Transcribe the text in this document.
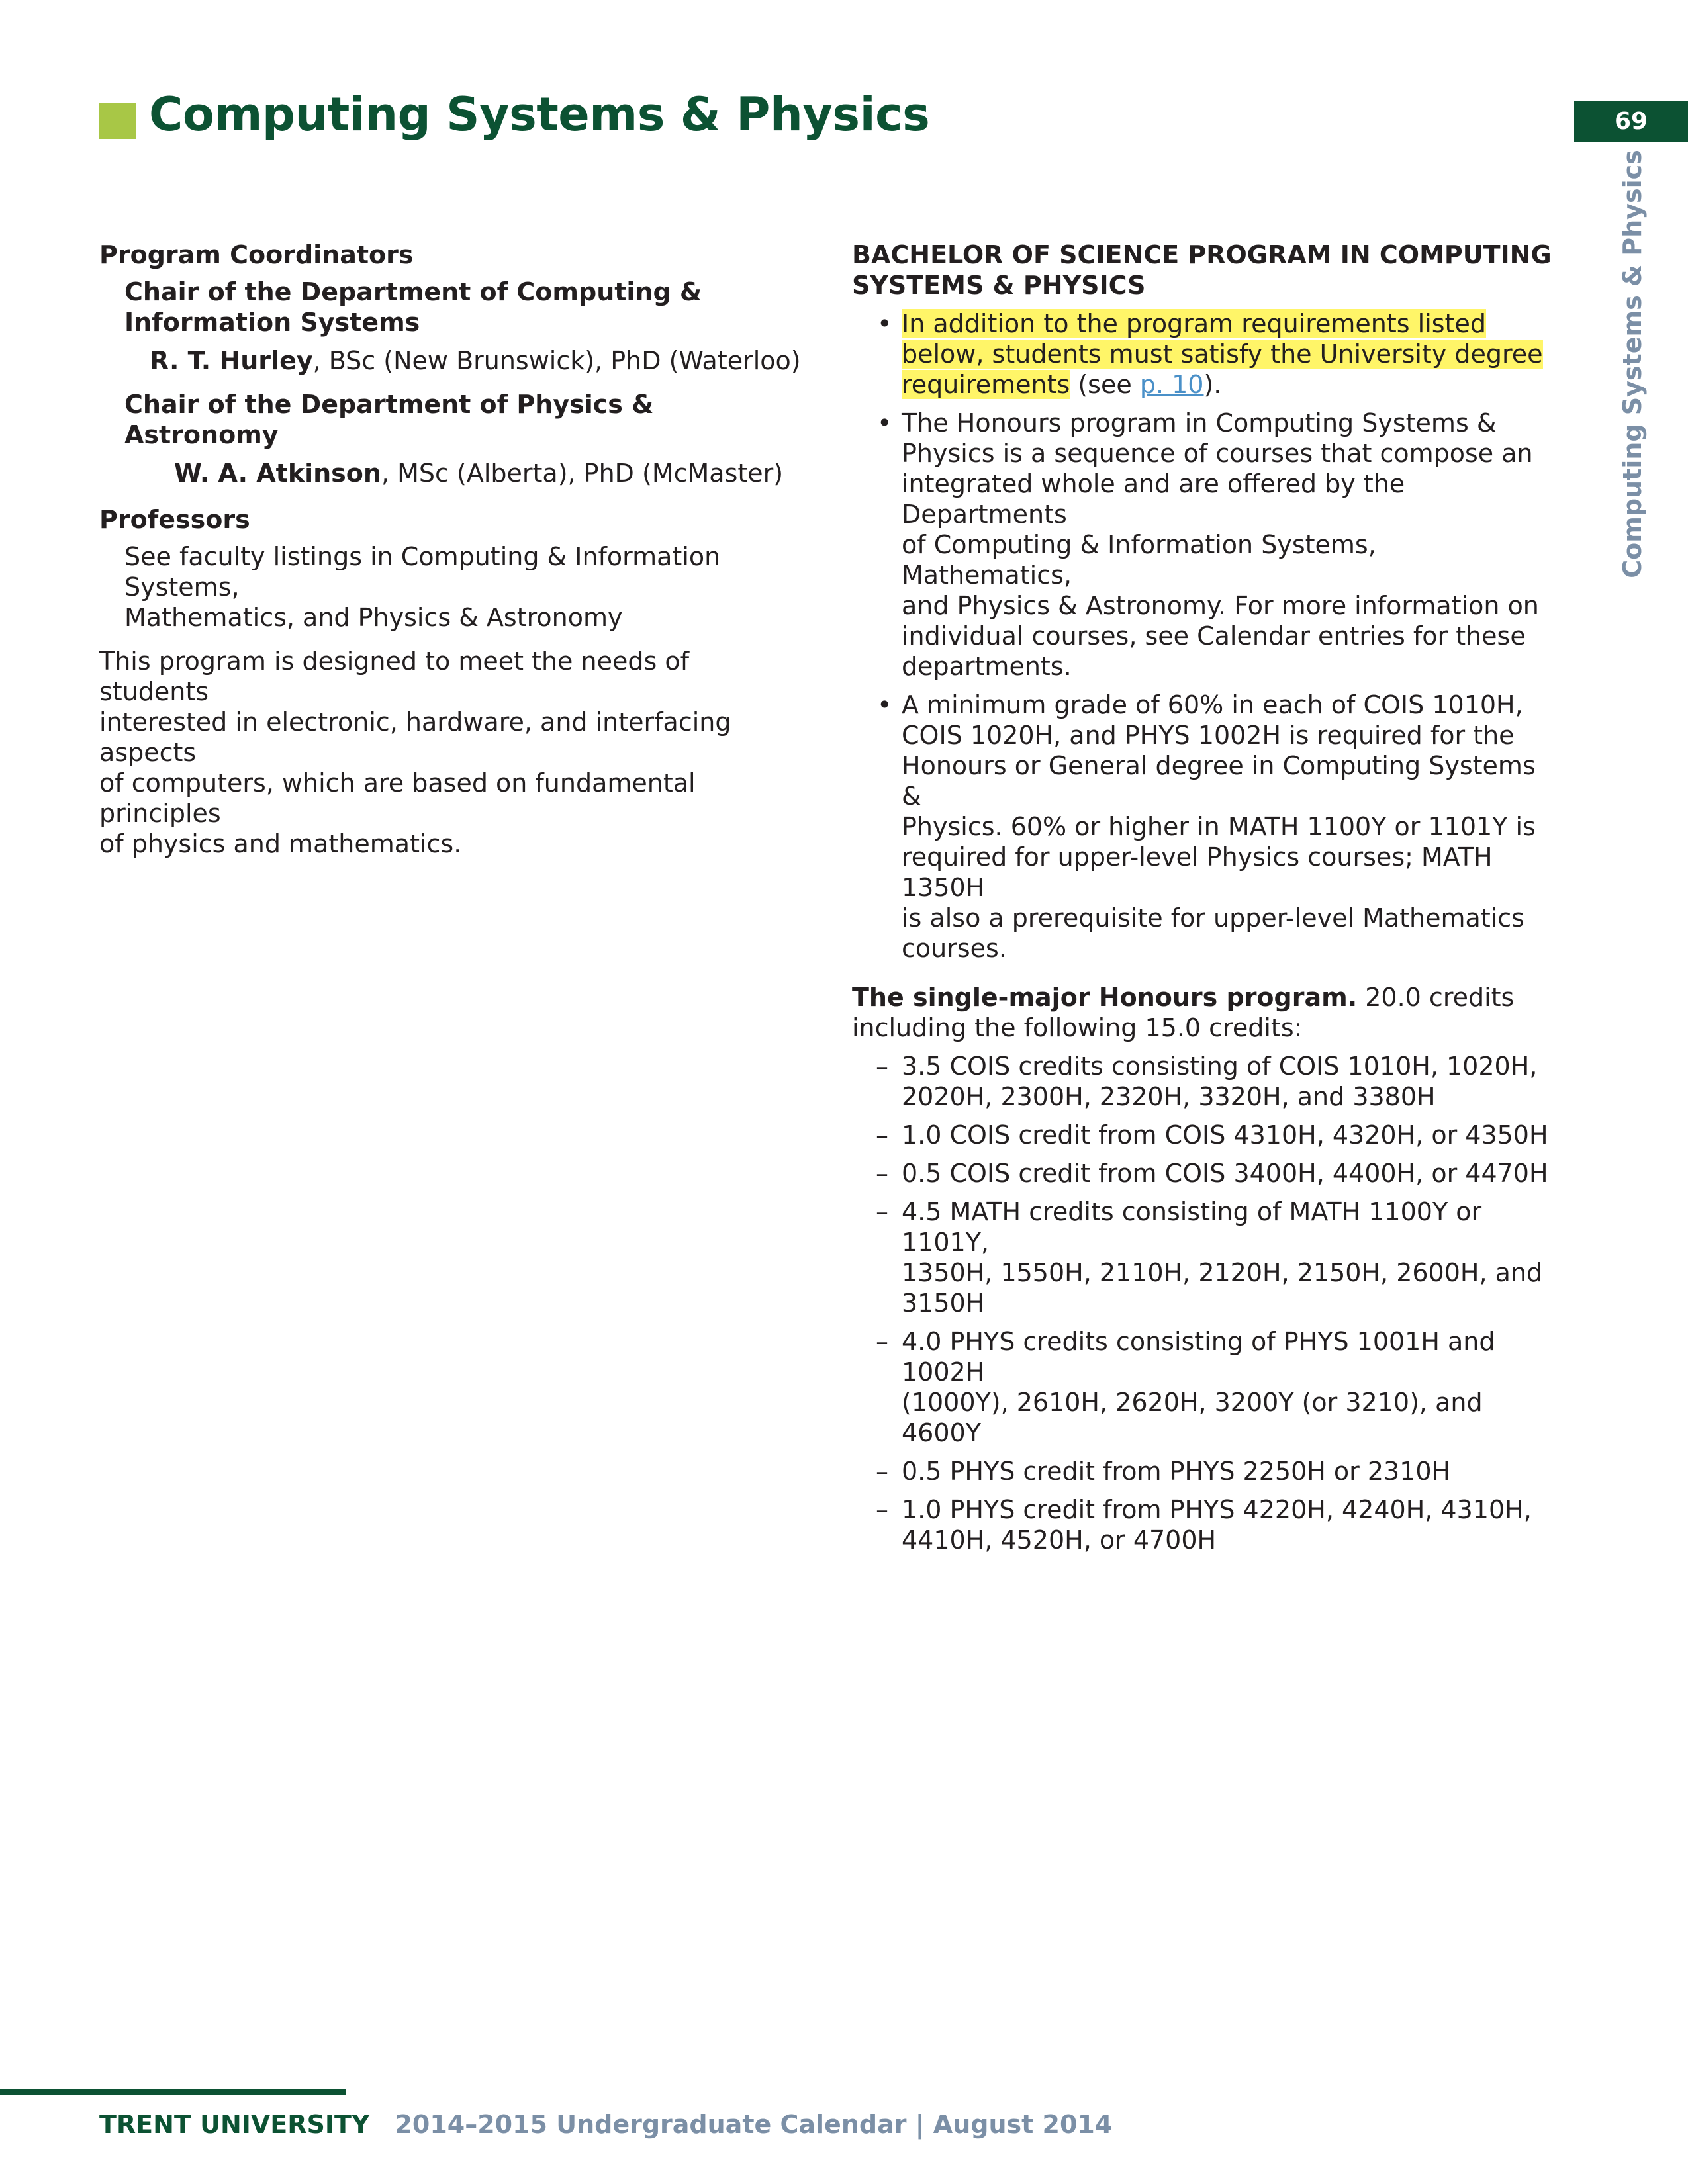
Computing Systems & Physics	69
Computing Systems & Physics

Program Coordinators

Chair of the Department of Computing &
Information Systems

R. T. Hurley, BSc (New Brunswick), PhD (Waterloo)

Chair of the Department of Physics & Astronomy

W. A. Atkinson, MSc (Alberta), PhD (McMaster)

Professors

See faculty listings in Computing & Information Systems,
Mathematics, and Physics & Astronomy
This program is designed to meet the needs of students
interested in electronic, hardware, and interfacing aspects
of computers, which are based on fundamental principles
of physics and mathematics.
BACHELOR OF SCIENCE PROGRAM IN COMPUTING
SYSTEMS & PHYSICS
• In addition to the program requirements listed
below, students must satisfy the University degree
requirements (see p. 10).
• The Honours program in Computing Systems &
Physics is a sequence of courses that compose an
integrated whole and are offered by the Departments
of Computing & Information Systems, Mathematics,
and Physics & Astronomy. For more information on
individual courses, see Calendar entries for these
departments.
• A minimum grade of 60% in each of COIS 1010H,
COIS 1020H, and PHYS 1002H is required for the
Honours or General degree in Computing Systems &
Physics. 60% or higher in MATH 1100Y or 1101Y is
required for upper-level Physics courses; MATH 1350H
is also a prerequisite for upper-level Mathematics
courses.
The single-major Honours program. 20.0 credits
including the following 15.0 credits:
– 3.5 COIS credits consisting of COIS 1010H, 1020H,
2020H, 2300H, 2320H, 3320H, and 3380H
– 1.0 COIS credit from COIS 4310H, 4320H, or 4350H
– 0.5 COIS credit from COIS 3400H, 4400H, or 4470H
– 4.5 MATH credits consisting of MATH 1100Y or 1101Y,
1350H, 1550H, 2110H, 2120H, 2150H, 2600H, and
3150H
– 4.0 PHYS credits consisting of PHYS 1001H and 1002H
(1000Y), 2610H, 2620H, 3200Y (or 3210), and 4600Y
– 0.5 PHYS credit from PHYS 2250H or 2310H
– 1.0 PHYS credit from PHYS 4220H, 4240H, 4310H,
4410H, 4520H, or 4700H
TRENT UNIVERSITY 2014–2015 Undergraduate Calendar | August 2014
